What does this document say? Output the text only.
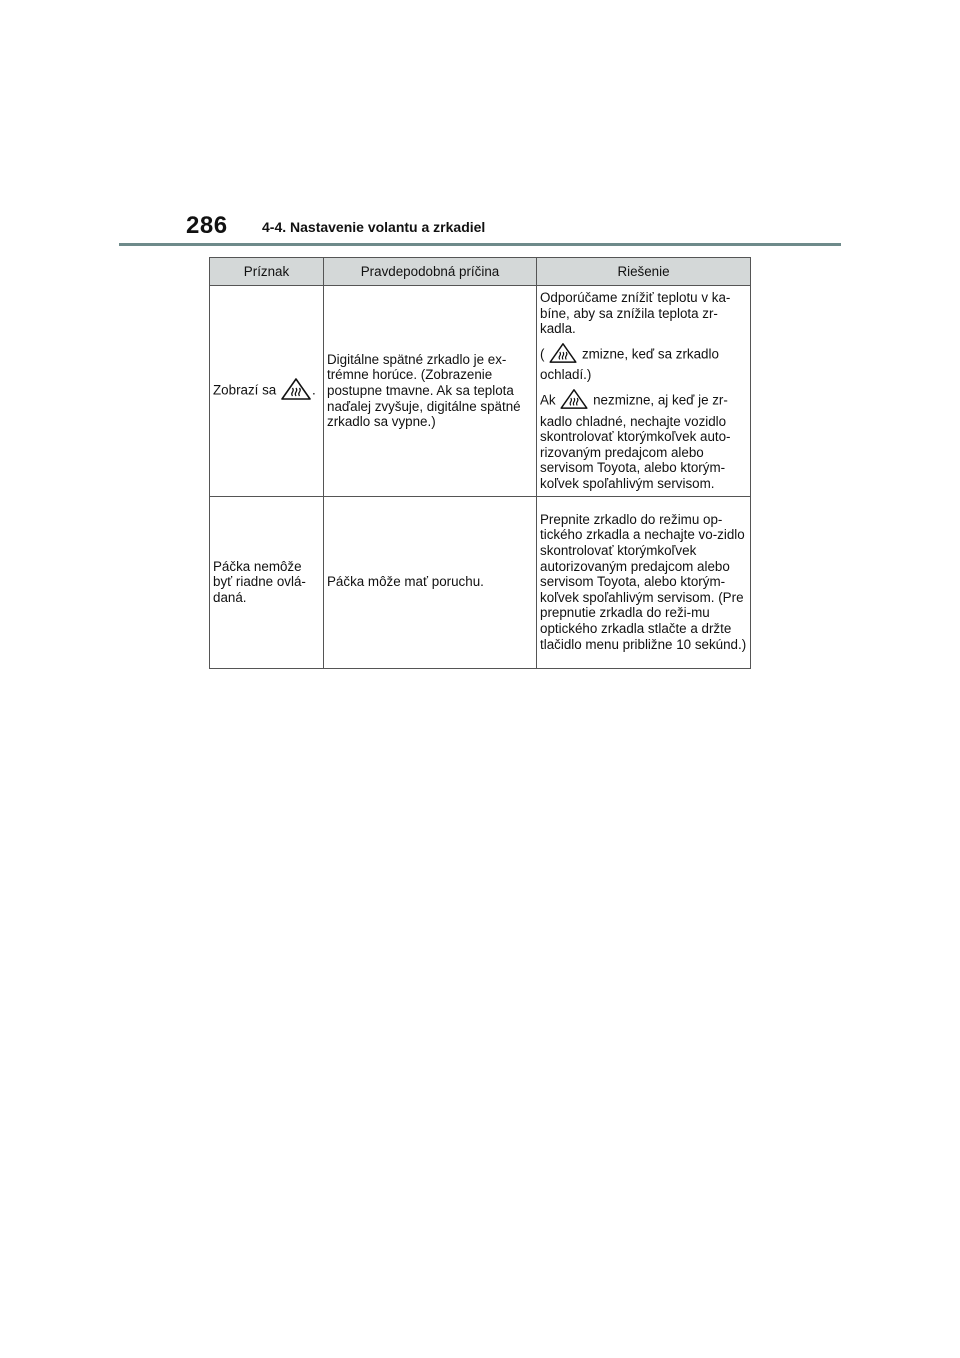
286 4-4. Nastavenie volantu a zrkadiel
Príznak	Pravdepodobná príčina	Riešenie
Zobrazí sa .	Digitálne spätné zrkadlo je ex-trémne horúce. (Zobrazenie postupne tmavne. Ak sa teplota naďalej zvyšuje, digitálne spätné zrkadlo sa vypne.)	Odporúčame znížiť teplotu v ka-bíne, aby sa znížila teplota zr-kadla.

( zmizne, keď sa zrkadlo ochladí.)

Ak nezmizne, aj keď je zr-kadlo chladné, nechajte vozidlo skontrolovať ktorýmkoľvek auto-rizovaným predajcom alebo servisom Toyota, alebo ktorým-koľvek spoľahlivým servisom.

Páčka nemôže byť riadne ovlá-daná.	Páčka môže mať poruchu.	Prepnite zrkadlo do režimu op-tického zrkadla a nechajte vo-zidlo skontrolovať ktorýmkoľvek autorizovaným predajcom alebo servisom Toyota, alebo ktorým-koľvek spoľahlivým servisom. (Pre prepnutie zrkadla do reži-mu optického zrkadla stlačte a držte tlačidlo menu približne 10 sekúnd.)
